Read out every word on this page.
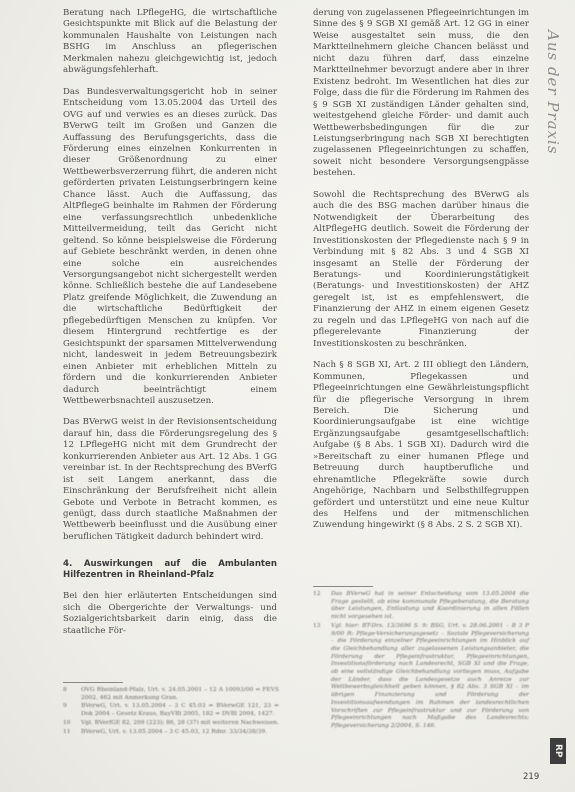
Beratung nach LPflegeHG, die wirtschaftliche Gesichtspunkte mit Blick auf die Belastung der kommunalen Haushalte von Leistungen nach BSHG im Anschluss an pflegerischen Merkmalen nahezu gleichgewichtig ist, jedoch abwägungsfehlerhaft.

Das Bundesverwaltungsgericht hob in seiner Entscheidung vom 13.05.2004 das Urteil des OVG auf und verwies es an dieses zurück. Das BVerwG teilt im Großen und Ganzen die Auffassung des Berufungsgerichts, dass die Förderung eines einzelnen Konkurrenten in dieser Größenordnung zu einer Wettbewerbsverzerrung führt, die anderen nicht geförderten privaten Leistungserbringern keine Chance lässt. Auch die Auffassung, das AltPflegeG beinhalte im Rahmen der Förderung eine verfassungsrechtlich unbedenkliche Mitteilvermeidung, teilt das Gericht nicht geltend. So könne beispielsweise die Förderung auf Gebiete beschränkt werden, in denen ohne eine solche ein ausreichendes Versorgungsangebot nicht sichergestellt werden könne. Schließlich bestehe die auf Landesebene Platz greifende Möglichkeit, die Zuwendung an die wirtschaftliche Bedürftigkeit der pflegebedürftigen Menschen zu knüpfen. Vor diesem Hintergrund rechtfertige es der Gesichtspunkt der sparsamen Mittelverwendung nicht, landesweit in jedem Betreuungsbezirk einen Anbieter mit erheblichen Mitteln zu fördern und die konkurrierenden Anbieter dadurch beeinträchtigt einem Wettbewerbsnachteil auszusetzen.

Das BVerwG weist in der Revisionsentscheidung darauf hin, dass die Förderungsregelung des § 12 LPflegeHG nicht mit dem Grundrecht der konkurrierenden Anbieter aus Art. 12 Abs. 1 GG vereinbar ist. In der Rechtsprechung des BVerfG ist seit Langem anerkannt, dass die Einschränkung der Berufsfreiheit nicht allein Gebote und Verbote in Betracht kommen, es genügt, dass durch staatliche Maßnahmen der Wettbewerb beeinflusst und die Ausübung einer beruflichen Tätigkeit dadurch behindert wird.

4. Auswirkungen auf die Ambulanten Hilfezentren in Rheinland-Pfalz

Bei den hier erläuterten Entscheidungen sind sich die Obergerichte der Verwaltungs- und Sozialgerichtsbarkeit darin einig, dass die staatliche För-

derung von zugelassenen Pflegeeinrichtungen im Sinne des § 9 SGB XI gemäß Art. 12 GG in einer Weise ausgestaltet sein muss, die den Marktteilnehmern gleiche Chancen belässt und nicht dazu führen darf, dass einzelne Marktteilnehmer bevorzugt andere aber in ihrer Existenz bedroht. Im Wesentlichen hat dies zur Folge, dass die für die Förderung im Rahmen des § 9 SGB XI zuständigen Länder gehalten sind, weitestgehend gleiche Förder- und damit auch Wettbewerbsbedingungen für die zur Leistungserbringung nach SGB XI berechtigten zugelassenen Pflegeeinrichtungen zu schaffen, soweit nicht besondere Versorgungsengpässe bestehen.

Sowohl die Rechtsprechung des BVerwG als auch die des BSG machen darüber hinaus die Notwendigkeit der Überarbeitung des AltPflegeHG deutlich. Soweit die Förderung der Investitionskosten der Pflegedienste nach § 9 in Verbindung mit § 82 Abs. 3 und 4 SGB XI insgesamt an Stelle der Förderung der Beratungs- und Koordinierungstätigkeit (Beratungs- und Investitionskosten) der AHZ geregelt ist, ist es empfehlenswert, die Finanzierung der AHZ in einem eigenen Gesetz zu regeln und das LPflegeHG von nach auf die pflegerelevante Finanzierung der Investitionskosten zu beschränken.

Nach § 8 SGB XI, Art. 2 III obliegt den Ländern, Kommunen, Pflegekassen und Pflegeeinrichtungen eine Gewährleistungspflicht für die pflegerische Versorgung in ihrem Bereich. Die Sicherung und Koordinierungsaufgabe ist eine wichtige Ergänzungsaufgabe gesamtgesellschaftlich: Aufgabe (§ 8 Abs. 1 SGB XI). Dadurch wird die »Bereitschaft zu einer humanen Pflege und Betreuung durch hauptberufliche und ehrenamtliche Pflegekräfte sowie durch Angehörige, Nachbarn und Selbsthilfegruppen gefördert und unterstützt und eine neue Kultur des Helfens und der mitmenschlichen Zuwendung hingewirkt (§ 8 Abs. 2 S. 2 SGB XI).

8	OVG Rheinland-Pfalz, Urt. v. 24.05.2001 – 12 A 10093/00 = FEVS 2002, 462 mit Anmerkung Gran.
9	BVerwG, Urt. v. 13.05.2004 – 3 C 45.03 = BVerwGE 121, 23 = Dok 2004 – Gesetz Kraus, BayVBl 2005, 182 = DVBl 2004, 1427.
10	Vgl. BVerfGE 82, 209 (223); 86, 28 (37) mit weiteren Nachweisen.
11	BVerwG, Urt. v. 13.05.2004 – 3 C 45.03, 12 Rdnr. 33/34/38/39.
12	Das BVerwG hat in seiner Entscheidung vom 13.05.2004 die Frage gestellt, ob eine kommunale Pflegeberatung, die Beratung über Leistungen, Entlastung und Koordinierung in allen Fällen nicht vorgesehen ist.
13	Vgl. hier: BT-Drs. 13/3696 S. 9; BSG, Urt. v. 28.06.2001 – B 3 P 9/00 R; Pflege-Versicherungsgesetz – Soziale Pflegeversicherung – die Förderung einzelner Pflegeeinrichtungen im Hinblick auf die Gleichbehandlung aller zugelassenen Leistungsanbieter, die Förderung der Pflegeinfrastruktur, Pflegeeinrichtungen, Investitionsförderung nach Landesrecht, SGB XI und die Frage, ob eine vollständige Gleichbehandlung vorliegen muss, Aufgabe der Länder, dass die Landesgesetze auch Anreize zur Wettbewerbsgleichheit geben können, § 82 Abs. 3 SGB XI – im übrigen Finanzierung und Förderung der Investitionsaufwendungen im Rahmen der landesrechtlichen Vorschriften zur Pflegeinfrastruktur und zur Förderung von Pflegeeinrichtungen nach Maßgabe des Landesrechts; Pflegeversicherung 2/2004, S. 146.
Aus der Praxis
RP
219
